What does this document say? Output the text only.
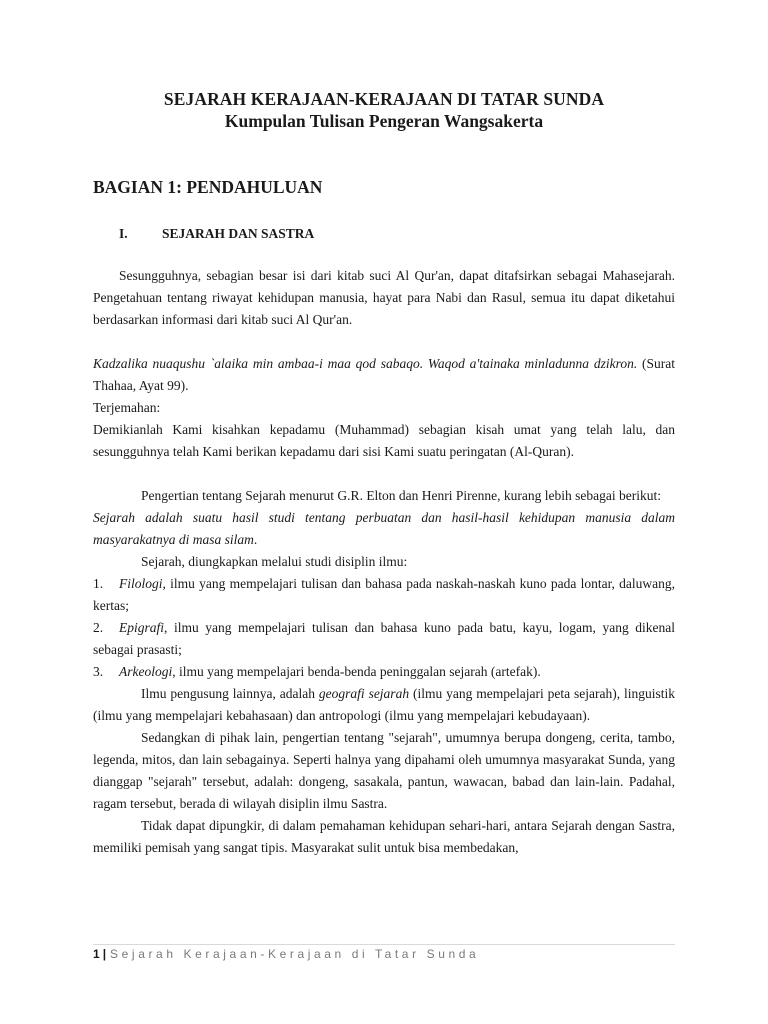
SEJARAH KERAJAAN-KERAJAAN DI TATAR SUNDA
Kumpulan Tulisan Pengeran Wangsakerta
BAGIAN 1: PENDAHULUAN
I.	SEJARAH DAN SASTRA

Sesungguhnya, sebagian besar isi dari kitab suci Al Qur'an, dapat ditafsirkan sebagai Mahasejarah. Pengetahuan tentang riwayat kehidupan manusia, hayat para Nabi dan Rasul, semua itu dapat diketahui berdasarkan informasi dari kitab suci Al Qur'an.

Kadzalika nuaqushu `alaika min ambaa-i maa qod sabaqo. Waqod a'tainaka minladunna dzikron. (Surat Thahaa, Ayat 99).

Terjemahan:

Demikianlah Kami kisahkan kepadamu (Muhammad) sebagian kisah umat yang telah lalu, dan sesungguhnya telah Kami berikan kepadamu dari sisi Kami suatu peringatan (Al-Quran).

Pengertian tentang Sejarah menurut G.R. Elton dan Henri Pirenne, kurang lebih sebagai berikut:

Sejarah adalah suatu hasil studi tentang perbuatan dan hasil-hasil kehidupan manusia dalam masyarakatnya di masa silam.

Sejarah, diungkapkan melalui studi disiplin ilmu:

1. Filologi, ilmu yang mempelajari tulisan dan bahasa pada naskah-naskah kuno pada lontar, daluwang, kertas;

2. Epigrafi, ilmu yang mempelajari tulisan dan bahasa kuno pada batu, kayu, logam, yang dikenal sebagai prasasti;

3. Arkeologi, ilmu yang mempelajari benda-benda peninggalan sejarah (artefak).

Ilmu pengusung lainnya, adalah geografi sejarah (ilmu yang mempelajari peta sejarah), linguistik (ilmu yang mempelajari kebahasaan) dan antropologi (ilmu yang mempelajari kebudayaan).

Sedangkan di pihak lain, pengertian tentang "sejarah", umumnya berupa dongeng, cerita, tambo, legenda, mitos, dan lain sebagainya. Seperti halnya yang dipahami oleh umumnya masyarakat Sunda, yang dianggap "sejarah" tersebut, adalah: dongeng, sasakala, pantun, wawacan, babad dan lain-lain. Padahal, ragam tersebut, berada di wilayah disiplin ilmu Sastra.

Tidak dapat dipungkir, di dalam pemahaman kehidupan sehari-hari, antara Sejarah dengan Sastra, memiliki pemisah yang sangat tipis. Masyarakat sulit untuk bisa membedakan,

1 | Sejarah Kerajaan-Kerajaan di Tatar Sunda
